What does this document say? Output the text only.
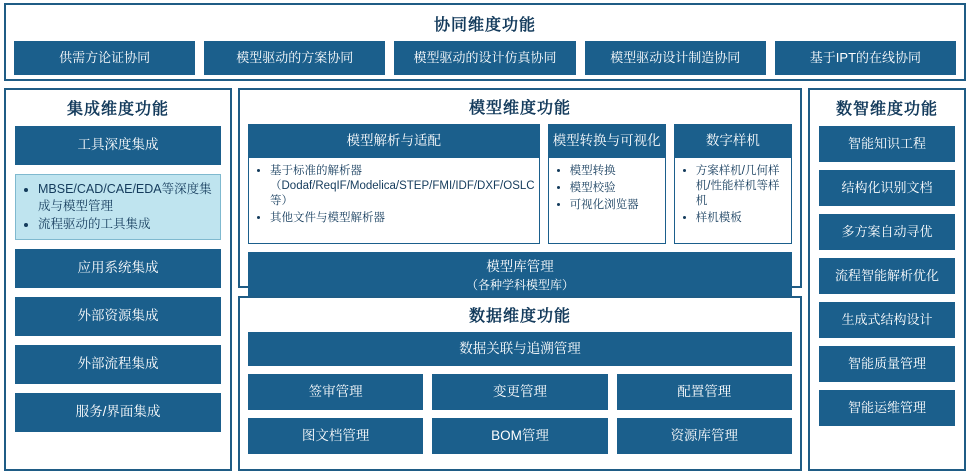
协同维度功能
供需方论证协同	模型驱动的方案协同	模型驱动的设计仿真协同	模型驱动设计制造协同	基于IPT的在线协同
集成维度功能
工具深度集成
• MBSE/CAD/CAE/EDA等深度集成与模型管理
• 流程驱动的工具集成
应用系统集成
外部资源集成
外部流程集成
服务/界面集成
模型维度功能
模型解析与适配
• 基于标准的解析器（Dodaf/ReqIF/Modelica/STEP/FMI/IDF/DXF/OSLC等）
• 其他文件与模型解析器
模型转换与可视化
• 模型转换
• 模型校验
• 可视化浏览器
数字样机
• 方案样机/几何样机/性能样机等样机
• 样机模板
模型库管理
（各种学科模型库）
数据维度功能
数据关联与追溯管理
签审管理	变更管理	配置管理
图文档管理	BOM管理	资源库管理
数智维度功能
智能知识工程
结构化识别文档
多方案自动寻优
流程智能解析优化
生成式结构设计
智能质量管理
智能运维管理
